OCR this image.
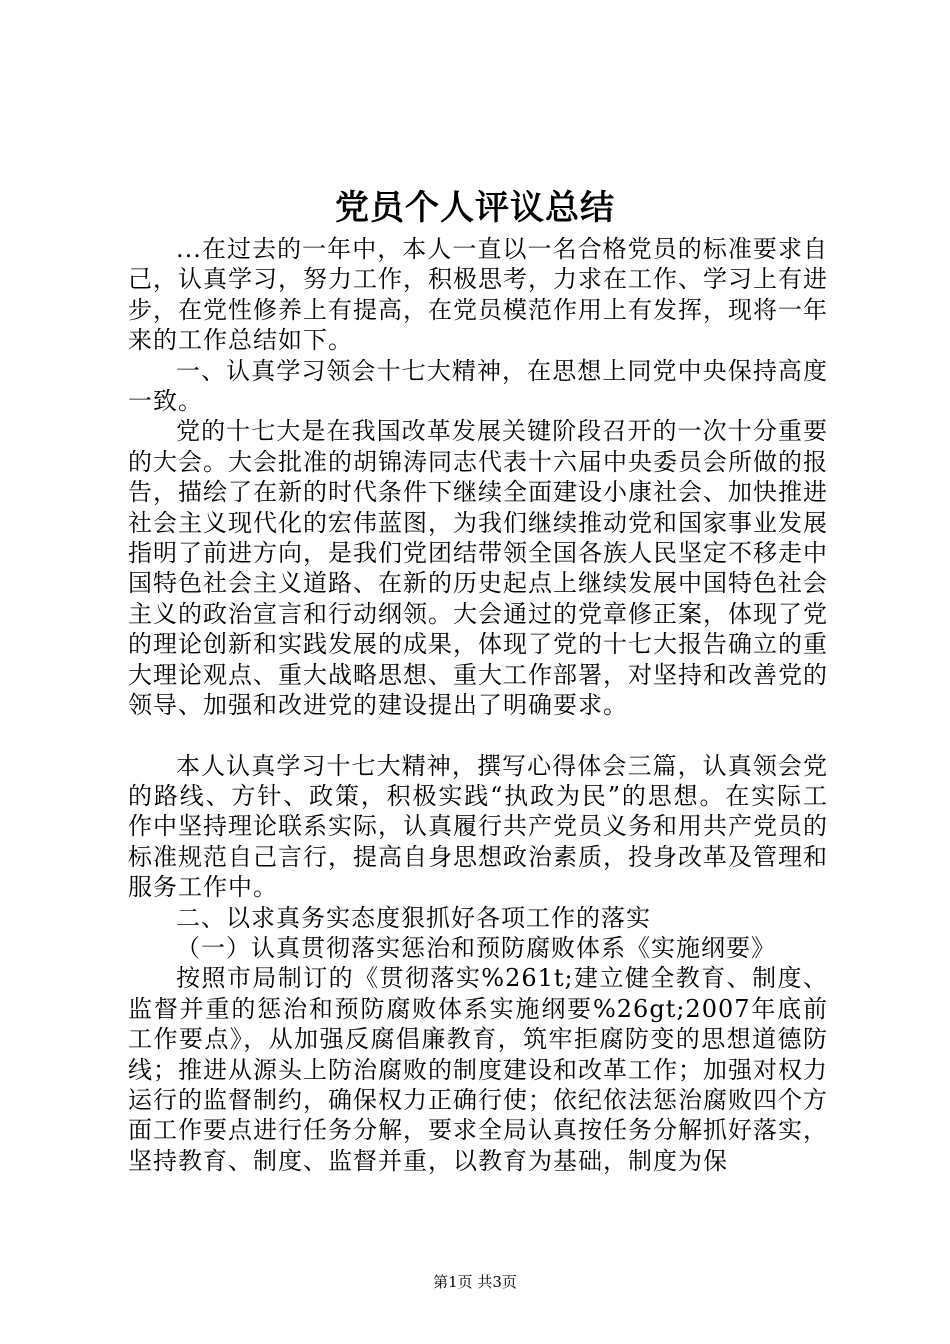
党员个人评议总结

...在过去的一年中，本人一直以一名合格党员的标准要求自己，认真学习，努力工作，积极思考，力求在工作、学习上有进步，在党性修养上有提高，在党员模范作用上有发挥，现将一年来的工作总结如下。

一、认真学习领会十七大精神，在思想上同党中央保持高度一致。

党的十七大是在我国改革发展关键阶段召开的一次十分重要的大会。大会批准的胡锦涛同志代表十六届中央委员会所做的报告，描绘了在新的时代条件下继续全面建设小康社会、加快推进社会主义现代化的宏伟蓝图，为我们继续推动党和国家事业发展指明了前进方向，是我们党团结带领全国各族人民坚定不移走中国特色社会主义道路、在新的历史起点上继续发展中国特色社会主义的政治宣言和行动纲领。大会通过的党章修正案，体现了党的理论创新和实践发展的成果，体现了党的十七大报告确立的重大理论观点、重大战略思想、重大工作部署，对坚持和改善党的领导、加强和改进党的建设提出了明确要求。

本人认真学习十七大精神，撰写心得体会三篇，认真领会党的路线、方针、政策，积极实践“执政为民”的思想。在实际工作中坚持理论联系实际，认真履行共产党员义务和用共产党员的标准规范自己言行，提高自身思想政治素质，投身改革及管理和服务工作中。

二、以求真务实态度狠抓好各项工作的落实

（一）认真贯彻落实惩治和预防腐败体系《实施纲要》

按照市局制订的《贯彻落实%261t;建立健全教育、制度、监督并重的惩治和预防腐败体系实施纲要%26gt;2007年底前工作要点》，从加强反腐倡廉教育，筑牢拒腐防变的思想道德防线；推进从源头上防治腐败的制度建设和改革工作；加强对权力运行的监督制约，确保权力正确行使；依纪依法惩治腐败四个方面工作要点进行任务分解，要求全局认真按任务分解抓好落实，坚持教育、制度、监督并重，以教育为基础，制度为保

第1页 共3页
